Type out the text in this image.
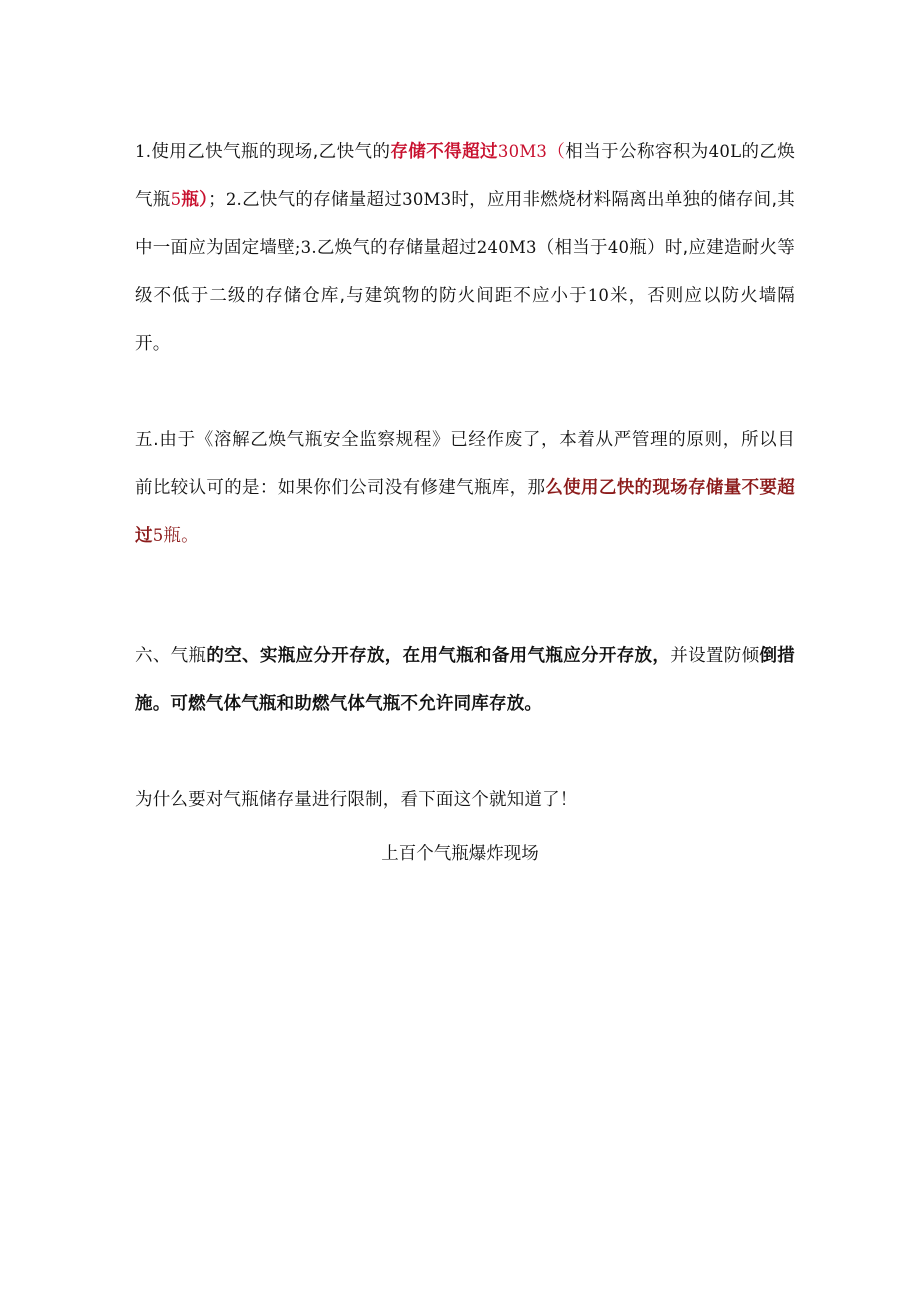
1.使用乙快气瓶的现场,乙快气的存储不得超过30M3（相当于公称容积为40L的乙焕气瓶5瓶）；2.乙快气的存储量超过30M3时，应用非燃烧材料隔离出单独的储存间,其中一面应为固定墙壁;3.乙焕气的存储量超过240M3（相当于40瓶）时,应建造耐火等级不低于二级的存储仓库,与建筑物的防火间距不应小于10米，否则应以防火墙隔开。

五.由于《溶解乙焕气瓶安全监察规程》已经作废了，本着从严管理的原则，所以目前比较认可的是：如果你们公司没有修建气瓶库，那么使用乙快的现场存储量不要超过5瓶。

六、气瓶的空、实瓶应分开存放，在用气瓶和备用气瓶应分开存放，并设置防倾倒措施。可燃气体气瓶和助燃气体气瓶不允许同库存放。

为什么要对气瓶储存量进行限制，看下面这个就知道了！

上百个气瓶爆炸现场
